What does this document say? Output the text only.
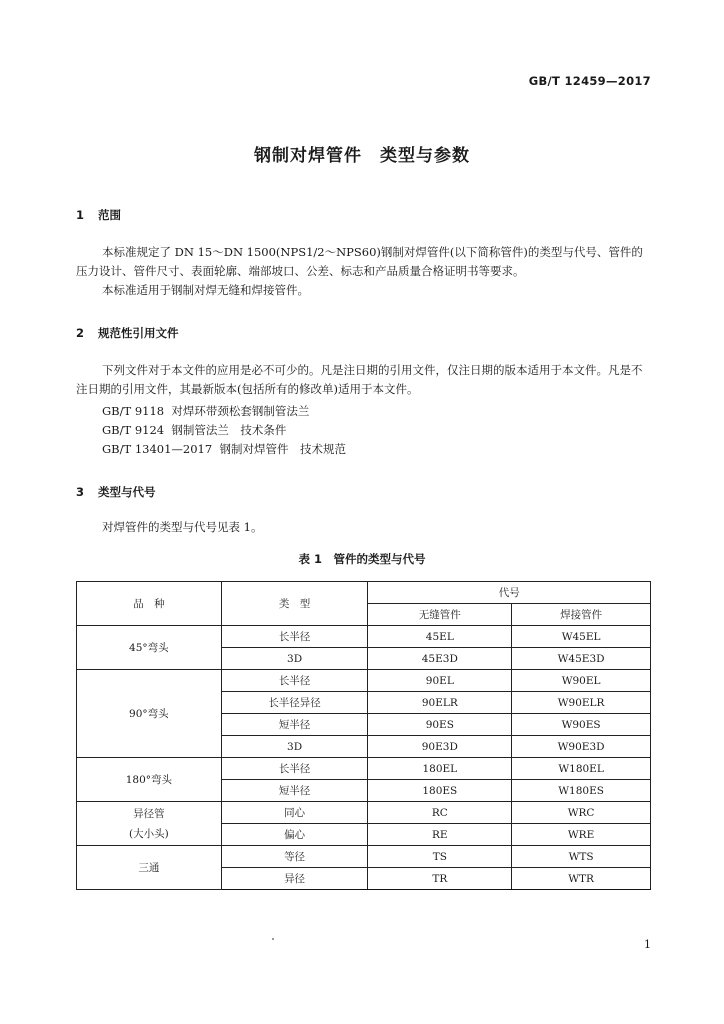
GB/T 12459—2017
钢制对焊管件　类型与参数
1 范围

本标准规定了 DN 15～DN 1500(NPS1/2～NPS60)钢制对焊管件(以下简称管件)的类型与代号、管件的压力设计、管件尺寸、表面轮廓、端部坡口、公差、标志和产品质量合格证明书等要求。

本标准适用于钢制对焊无缝和焊接管件。

2 规范性引用文件

下列文件对于本文件的应用是必不可少的。凡是注日期的引用文件，仅注日期的版本适用于本文件。凡是不注日期的引用文件，其最新版本(包括所有的修改单)适用于本文件。

GB/T 9118 对焊环带颈松套钢制管法兰
GB/T 9124 钢制管法兰　技术条件
GB/T 13401—2017 钢制对焊管件　技术规范
3 类型与代号

对焊管件的类型与代号见表 1。

表 1　管件的类型与代号
品　种	类　型	代号	
		无缝管件	焊接管件
45°弯头	长半径	45EL	W45EL
	3D	45E3D	W45E3D
90°弯头	长半径	90EL	W90EL
	长半径异径	90ELR	W90ELR
	短半径	90ES	W90ES
	3D	90E3D	W90E3D
180°弯头	长半径	180EL	W180EL
	短半径	180ES	W180ES
异径管
(大小头)	同心	RC	WRC
	偏心	RE	WRE
三通	等径	TS	WTS
	异径	TR	WTR
1
